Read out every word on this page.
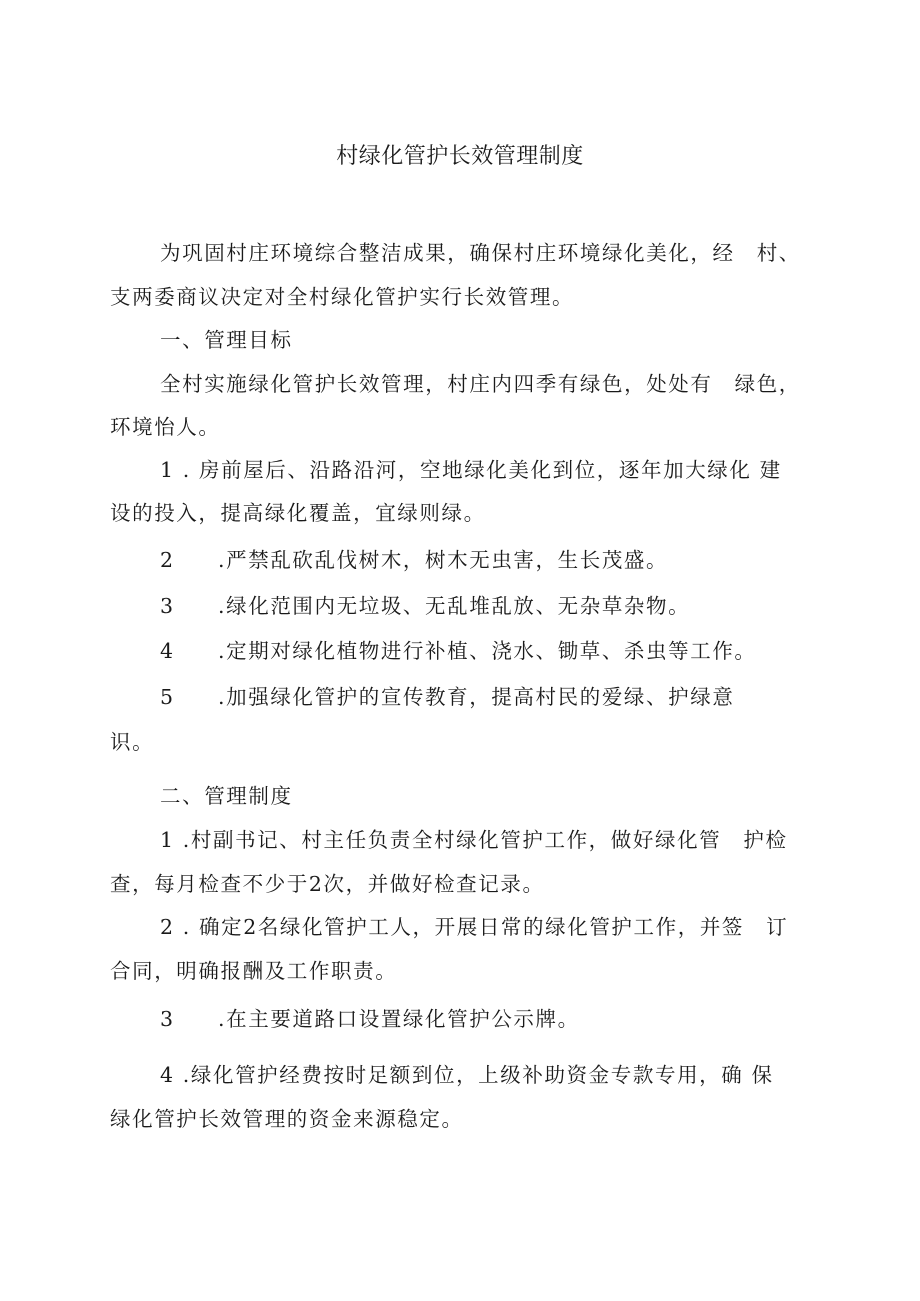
村绿化管护长效管理制度
为巩固村庄环境综合整洁成果，确保村庄环境绿化美化，经　村、
支两委商议决定对全村绿化管护实行长效管理。
一、管理目标
全村实施绿化管护长效管理，村庄内四季有绿色，处处有　绿色，
环境怡人。
1 . 房前屋后、沿路沿河，空地绿化美化到位，逐年加大绿化 建
设的投入，提高绿化覆盖，宜绿则绿。
2 .严禁乱砍乱伐树木，树木无虫害，生长茂盛。
3 .绿化范围内无垃圾、无乱堆乱放、无杂草杂物。
4 .定期对绿化植物进行补植、浇水、锄草、杀虫等工作。
5 .加强绿化管护的宣传教育，提高村民的爱绿、护绿意
识。
二、管理制度
1 .村副书记、村主任负责全村绿化管护工作，做好绿化管　护检
查，每月检查不少于2次，并做好检查记录。
2 . 确定2名绿化管护工人，开展日常的绿化管护工作，并签　订
合同，明确报酬及工作职责。
3 .在主要道路口设置绿化管护公示牌。
4 .绿化管护经费按时足额到位，上级补助资金专款专用，确 保
绿化管护长效管理的资金来源稳定。
